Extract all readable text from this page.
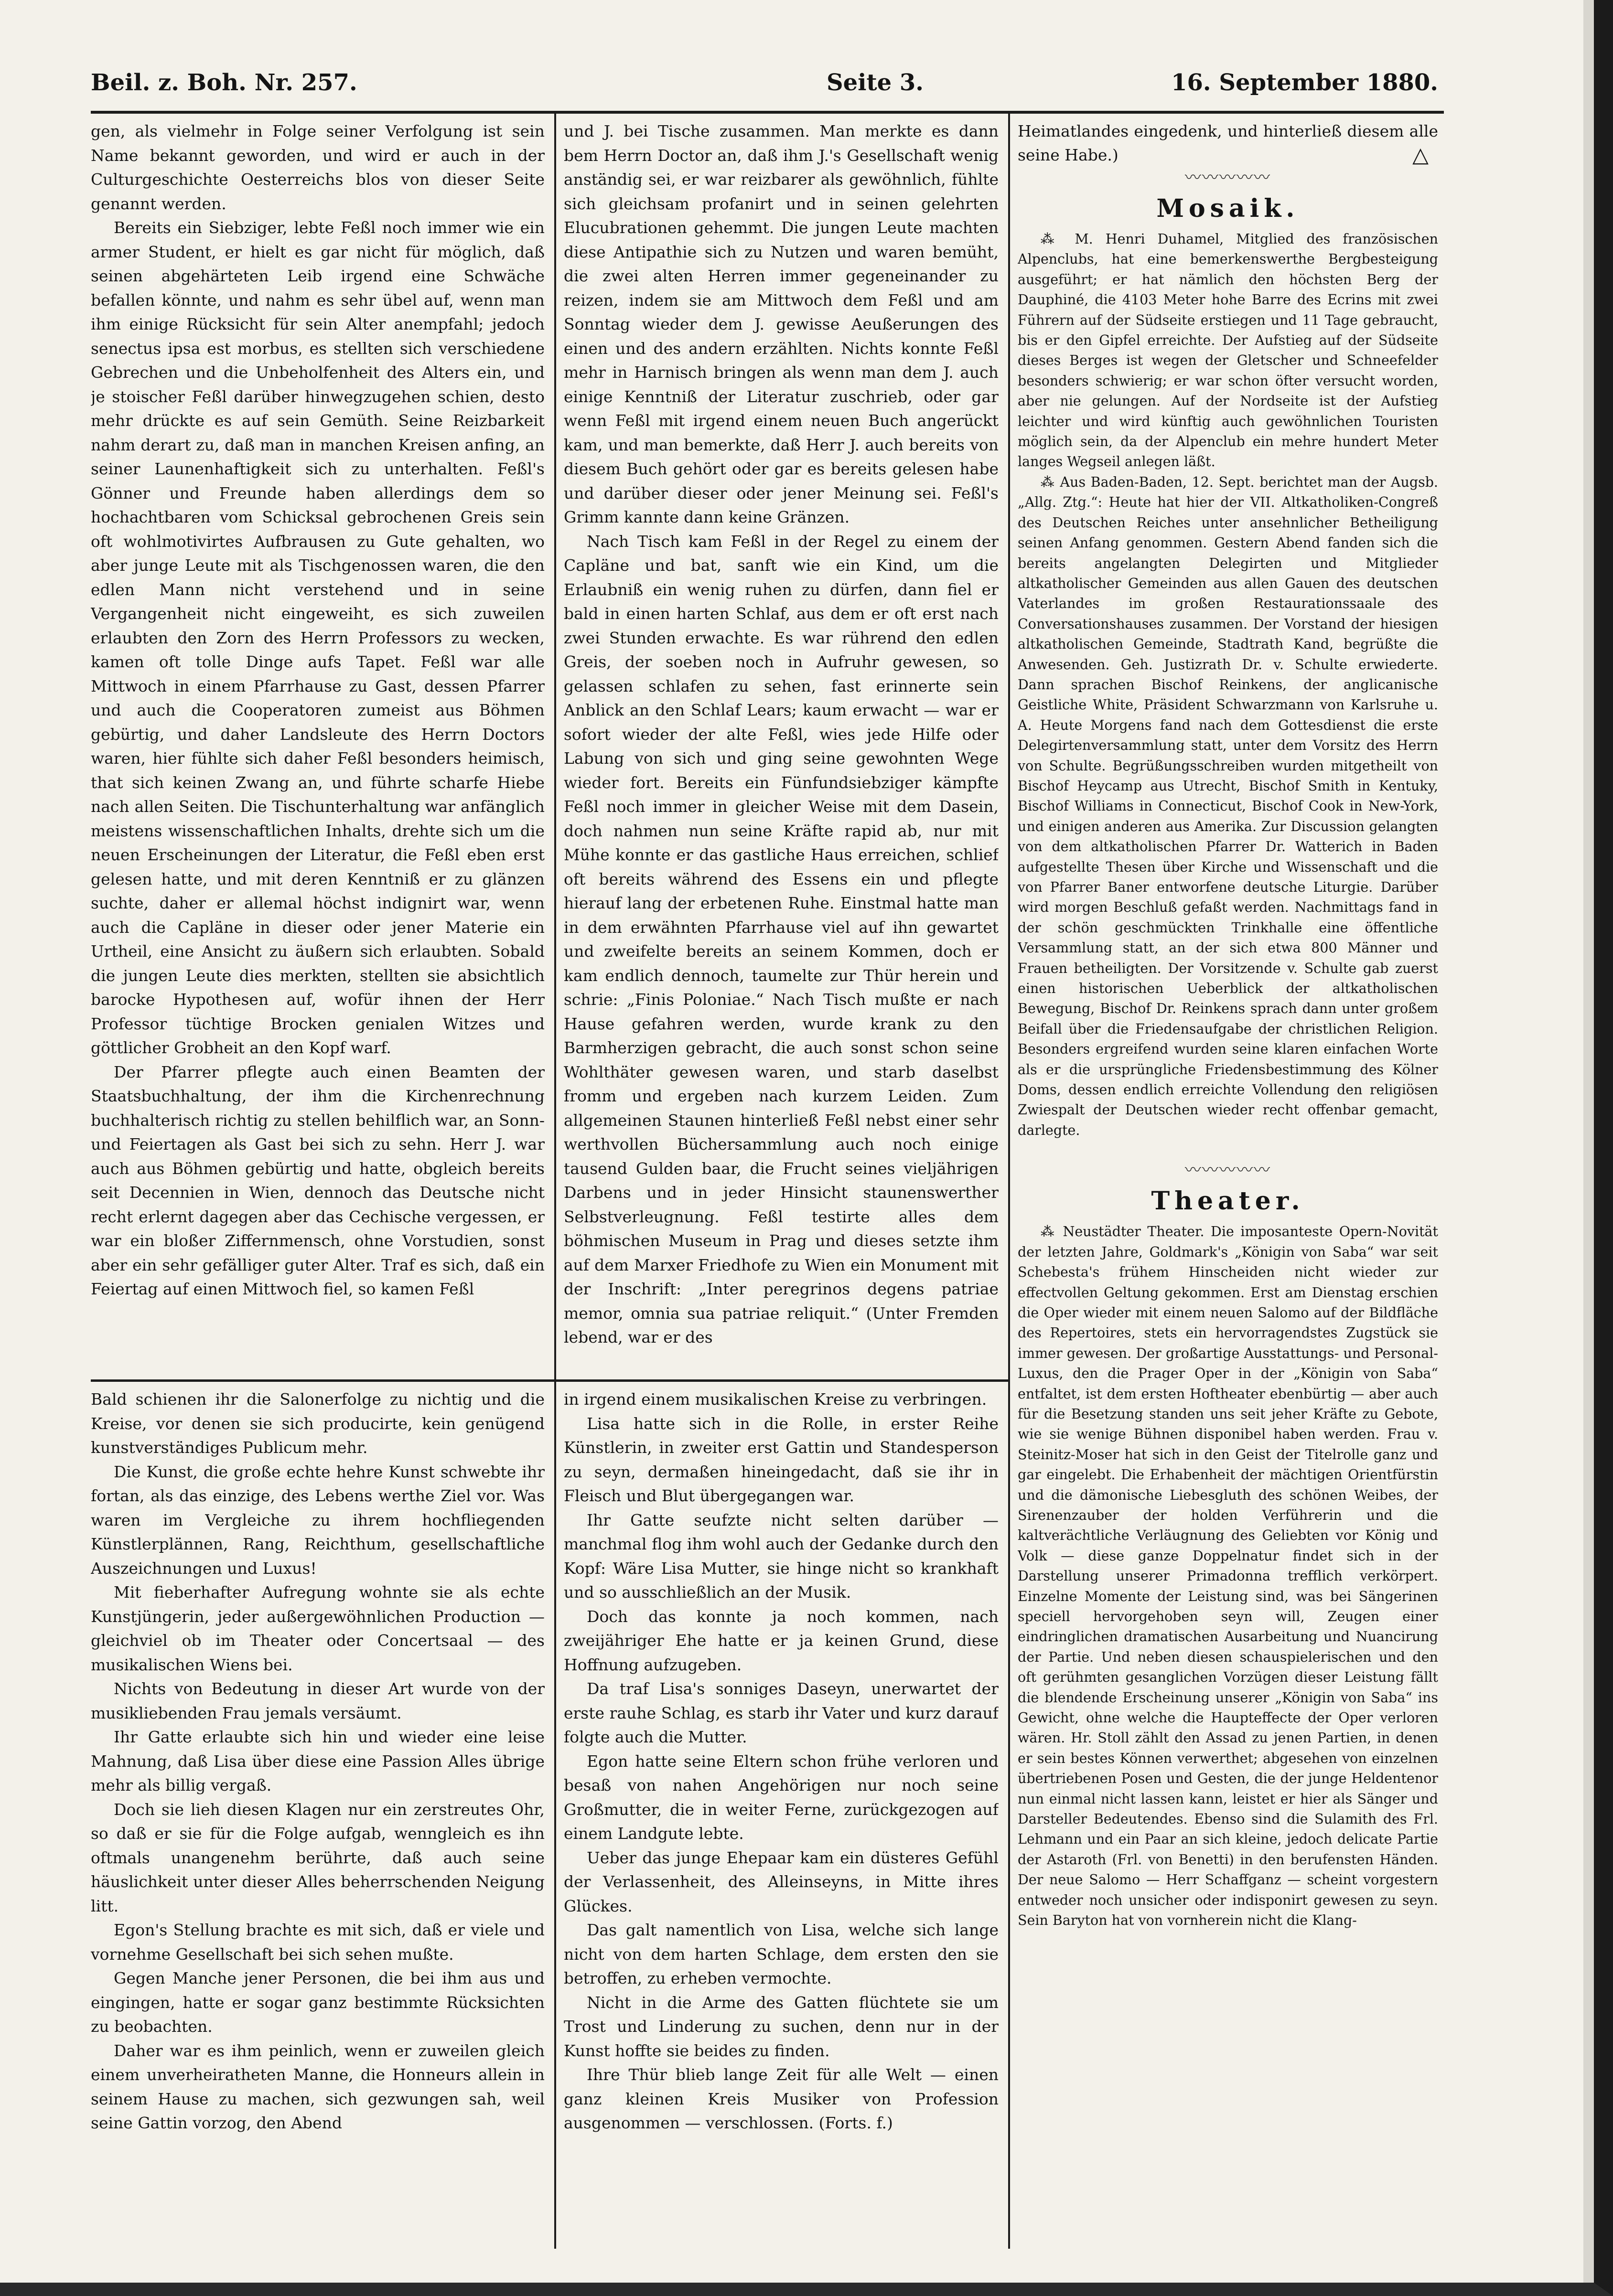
Beil. z. Boh. Nr. 257.	Seite 3.	16. September 1880.

gen, als vielmehr in Folge seiner Verfolgung ist sein Name bekannt geworden, und wird er auch in der Culturgeschichte Oesterreichs blos von dieser Seite genannt werden.

Bereits ein Siebziger, lebte Feßl noch immer wie ein armer Student, er hielt es gar nicht für möglich, daß seinen abgehärteten Leib irgend eine Schwäche befallen könnte, und nahm es sehr übel auf, wenn man ihm einige Rücksicht für sein Alter anempfahl; jedoch senectus ipsa est morbus, es stellten sich verschiedene Gebrechen und die Unbeholfenheit des Alters ein, und je stoischer Feßl darüber hinwegzugehen schien, desto mehr drückte es auf sein Gemüth. Seine Reizbarkeit nahm derart zu, daß man in manchen Kreisen anfing, an seiner Launenhaftigkeit sich zu unterhalten. Feßl's Gönner und Freunde haben allerdings dem so hochachtbaren vom Schicksal gebrochenen Greis sein oft wohlmotivirtes Aufbrausen zu Gute gehalten, wo aber junge Leute mit als Tischgenossen waren, die den edlen Mann nicht verstehend und in seine Vergangenheit nicht eingeweiht, es sich zuweilen erlaubten den Zorn des Herrn Professors zu wecken, kamen oft tolle Dinge aufs Tapet. Feßl war alle Mittwoch in einem Pfarrhause zu Gast, dessen Pfarrer und auch die Cooperatoren zumeist aus Böhmen gebürtig, und daher Landsleute des Herrn Doctors waren, hier fühlte sich daher Feßl besonders heimisch, that sich keinen Zwang an, und führte scharfe Hiebe nach allen Seiten. Die Tischunterhaltung war anfänglich meistens wissenschaftlichen Inhalts, drehte sich um die neuen Erscheinungen der Literatur, die Feßl eben erst gelesen hatte, und mit deren Kenntniß er zu glänzen suchte, daher er allemal höchst indignirt war, wenn auch die Capläne in dieser oder jener Materie ein Urtheil, eine Ansicht zu äußern sich erlaubten. Sobald die jungen Leute dies merkten, stellten sie absichtlich barocke Hypothesen auf, wofür ihnen der Herr Professor tüchtige Brocken genialen Witzes und göttlicher Grobheit an den Kopf warf.

Der Pfarrer pflegte auch einen Beamten der Staatsbuchhaltung, der ihm die Kirchenrechnung buchhalterisch richtig zu stellen behilflich war, an Sonn- und Feiertagen als Gast bei sich zu sehn. Herr J. war auch aus Böhmen gebürtig und hatte, obgleich bereits seit Decennien in Wien, dennoch das Deutsche nicht recht erlernt dagegen aber das Cechische vergessen, er war ein bloßer Ziffernmensch, ohne Vorstudien, sonst aber ein sehr gefälliger guter Alter. Traf es sich, daß ein Feiertag auf einen Mittwoch fiel, so kamen Feßl

und J. bei Tische zusammen. Man merkte es dann bem Herrn Doctor an, daß ihm J.'s Gesellschaft wenig anständig sei, er war reizbarer als gewöhnlich, fühlte sich gleichsam profanirt und in seinen gelehrten Elucubrationen gehemmt. Die jungen Leute machten diese Antipathie sich zu Nutzen und waren bemüht, die zwei alten Herren immer gegeneinander zu reizen, indem sie am Mittwoch dem Feßl und am Sonntag wieder dem J. gewisse Aeußerungen des einen und des andern erzählten. Nichts konnte Feßl mehr in Harnisch bringen als wenn man dem J. auch einige Kenntniß der Literatur zuschrieb, oder gar wenn Feßl mit irgend einem neuen Buch angerückt kam, und man bemerkte, daß Herr J. auch bereits von diesem Buch gehört oder gar es bereits gelesen habe und darüber dieser oder jener Meinung sei. Feßl's Grimm kannte dann keine Gränzen.

Nach Tisch kam Feßl in der Regel zu einem der Capläne und bat, sanft wie ein Kind, um die Erlaubniß ein wenig ruhen zu dürfen, dann fiel er bald in einen harten Schlaf, aus dem er oft erst nach zwei Stunden erwachte. Es war rührend den edlen Greis, der soeben noch in Aufruhr gewesen, so gelassen schlafen zu sehen, fast erinnerte sein Anblick an den Schlaf Lears; kaum erwacht — war er sofort wieder der alte Feßl, wies jede Hilfe oder Labung von sich und ging seine gewohnten Wege wieder fort. Bereits ein Fünfundsiebziger kämpfte Feßl noch immer in gleicher Weise mit dem Dasein, doch nahmen nun seine Kräfte rapid ab, nur mit Mühe konnte er das gastliche Haus erreichen, schlief oft bereits während des Essens ein und pflegte hierauf lang der erbetenen Ruhe. Einstmal hatte man in dem erwähnten Pfarrhause viel auf ihn gewartet und zweifelte bereits an seinem Kommen, doch er kam endlich dennoch, taumelte zur Thür herein und schrie: „Finis Poloniae.“ Nach Tisch mußte er nach Hause gefahren werden, wurde krank zu den Barmherzigen gebracht, die auch sonst schon seine Wohlthäter gewesen waren, und starb daselbst fromm und ergeben nach kurzem Leiden. Zum allgemeinen Staunen hinterließ Feßl nebst einer sehr werthvollen Büchersammlung auch noch einige tausend Gulden baar, die Frucht seines vieljährigen Darbens und in jeder Hinsicht staunenswerther Selbstverleugnung. Feßl testirte alles dem böhmischen Museum in Prag und dieses setzte ihm auf dem Marxer Friedhofe zu Wien ein Monument mit der Inschrift: „Inter peregrinos degens patriae memor, omnia sua patriae reliquit.“ (Unter Fremden lebend, war er des

Bald schienen ihr die Salonerfolge zu nichtig und die Kreise, vor denen sie sich producirte, kein genügend kunstverständiges Publicum mehr.

Die Kunst, die große echte hehre Kunst schwebte ihr fortan, als das einzige, des Lebens werthe Ziel vor. Was waren im Vergleiche zu ihrem hochfliegenden Künstlerplännen, Rang, Reichthum, gesellschaftliche Auszeichnungen und Luxus!

Mit fieberhafter Aufregung wohnte sie als echte Kunstjüngerin, jeder außergewöhnlichen Production — gleichviel ob im Theater oder Concertsaal — des musikalischen Wiens bei.

Nichts von Bedeutung in dieser Art wurde von der musikliebenden Frau jemals versäumt.

Ihr Gatte erlaubte sich hin und wieder eine leise Mahnung, daß Lisa über diese eine Passion Alles übrige mehr als billig vergaß.

Doch sie lieh diesen Klagen nur ein zerstreutes Ohr, so daß er sie für die Folge aufgab, wenngleich es ihn oftmals unangenehm berührte, daß auch seine häuslichkeit unter dieser Alles beherrschenden Neigung litt.

Egon's Stellung brachte es mit sich, daß er viele und vornehme Gesellschaft bei sich sehen mußte.

Gegen Manche jener Personen, die bei ihm aus und eingingen, hatte er sogar ganz bestimmte Rücksichten zu beobachten.

Daher war es ihm peinlich, wenn er zuweilen gleich einem unverheiratheten Manne, die Honneurs allein in seinem Hause zu machen, sich gezwungen sah, weil seine Gattin vorzog, den Abend

in irgend einem musikalischen Kreise zu verbringen.

Lisa hatte sich in die Rolle, in erster Reihe Künstlerin, in zweiter erst Gattin und Standesperson zu seyn, dermaßen hineingedacht, daß sie ihr in Fleisch und Blut übergegangen war.

Ihr Gatte seufzte nicht selten darüber — manchmal flog ihm wohl auch der Gedanke durch den Kopf: Wäre Lisa Mutter, sie hinge nicht so krankhaft und so ausschließlich an der Musik.

Doch das konnte ja noch kommen, nach zweijähriger Ehe hatte er ja keinen Grund, diese Hoffnung aufzugeben.

Da traf Lisa's sonniges Daseyn, unerwartet der erste rauhe Schlag, es starb ihr Vater und kurz darauf folgte auch die Mutter.

Egon hatte seine Eltern schon frühe verloren und besaß von nahen Angehörigen nur noch seine Großmutter, die in weiter Ferne, zurückgezogen auf einem Landgute lebte.

Ueber das junge Ehepaar kam ein düsteres Gefühl der Verlassenheit, des Alleinseyns, in Mitte ihres Glückes.

Das galt namentlich von Lisa, welche sich lange nicht von dem harten Schlage, dem ersten den sie betroffen, zu erheben vermochte.

Nicht in die Arme des Gatten flüchtete sie um Trost und Linderung zu suchen, denn nur in der Kunst hoffte sie beides zu finden.

Ihre Thür blieb lange Zeit für alle Welt — einen ganz kleinen Kreis Musiker von Profession ausgenommen — verschlossen. (Forts. f.)

Heimatlandes eingedenk, und hinterließ diesem alle seine Habe.)	△

〰〰〰〰〰
Mosaik.

⁂ M. Henri Duhamel, Mitglied des französischen Alpenclubs, hat eine bemerkenswerthe Bergbesteigung ausgeführt; er hat nämlich den höchsten Berg der Dauphiné, die 4103 Meter hohe Barre des Ecrins mit zwei Führern auf der Südseite erstiegen und 11 Tage gebraucht, bis er den Gipfel erreichte. Der Aufstieg auf der Südseite dieses Berges ist wegen der Gletscher und Schneefelder besonders schwierig; er war schon öfter versucht worden, aber nie gelungen. Auf der Nordseite ist der Aufstieg leichter und wird künftig auch gewöhnlichen Touristen möglich sein, da der Alpenclub ein mehre hundert Meter langes Wegseil anlegen läßt.

⁂ Aus Baden-Baden, 12. Sept. berichtet man der Augsb. „Allg. Ztg.“: Heute hat hier der VII. Altkatholiken-Congreß des Deutschen Reiches unter ansehnlicher Betheiligung seinen Anfang genommen. Gestern Abend fanden sich die bereits angelangten Delegirten und Mitglieder altkatholischer Gemeinden aus allen Gauen des deutschen Vaterlandes im großen Restaurationssaale des Conversationshauses zusammen. Der Vorstand der hiesigen altkatholischen Gemeinde, Stadtrath Kand, begrüßte die Anwesenden. Geh. Justizrath Dr. v. Schulte erwiederte. Dann sprachen Bischof Reinkens, der anglicanische Geistliche White, Präsident Schwarzmann von Karlsruhe u. A. Heute Morgens fand nach dem Gottesdienst die erste Delegirtenversammlung statt, unter dem Vorsitz des Herrn von Schulte. Begrüßungsschreiben wurden mitgetheilt von Bischof Heycamp aus Utrecht, Bischof Smith in Kentuky, Bischof Williams in Connecticut, Bischof Cook in New-York, und einigen anderen aus Amerika. Zur Discussion gelangten von dem altkatholischen Pfarrer Dr. Watterich in Baden aufgestellte Thesen über Kirche und Wissenschaft und die von Pfarrer Baner entworfene deutsche Liturgie. Darüber wird morgen Beschluß gefaßt werden. Nachmittags fand in der schön geschmückten Trinkhalle eine öffentliche Versammlung statt, an der sich etwa 800 Männer und Frauen betheiligten. Der Vorsitzende v. Schulte gab zuerst einen historischen Ueberblick der altkatholischen Bewegung, Bischof Dr. Reinkens sprach dann unter großem Beifall über die Friedensaufgabe der christlichen Religion. Besonders ergreifend wurden seine klaren einfachen Worte als er die ursprüngliche Friedensbestimmung des Kölner Doms, dessen endlich erreichte Vollendung den religiösen Zwiespalt der Deutschen wieder recht offenbar gemacht, darlegte.

〰〰〰〰〰
Theater.

⁂ Neustädter Theater. Die imposanteste Opern-Novität der letzten Jahre, Goldmark's „Königin von Saba“ war seit Schebesta's frühem Hinscheiden nicht wieder zur effectvollen Geltung gekommen. Erst am Dienstag erschien die Oper wieder mit einem neuen Salomo auf der Bildfläche des Repertoires, stets ein hervorragendstes Zugstück sie immer gewesen. Der großartige Ausstattungs- und Personal-Luxus, den die Prager Oper in der „Königin von Saba“ entfaltet, ist dem ersten Hoftheater ebenbürtig — aber auch für die Besetzung standen uns seit jeher Kräfte zu Gebote, wie sie wenige Bühnen disponibel haben werden. Frau v. Steinitz-Moser hat sich in den Geist der Titelrolle ganz und gar eingelebt. Die Erhabenheit der mächtigen Orientfürstin und die dämonische Liebesgluth des schönen Weibes, der Sirenenzauber der holden Verführerin und die kaltverächtliche Verläugnung des Geliebten vor König und Volk — diese ganze Doppelnatur findet sich in der Darstellung unserer Primadonna trefflich verkörpert. Einzelne Momente der Leistung sind, was bei Sängerinen speciell hervorgehoben seyn will, Zeugen einer eindringlichen dramatischen Ausarbeitung und Nuancirung der Partie. Und neben diesen schauspielerischen und den oft gerühmten gesanglichen Vorzügen dieser Leistung fällt die blendende Erscheinung unserer „Königin von Saba“ ins Gewicht, ohne welche die Haupteffecte der Oper verloren wären. Hr. Stoll zählt den Assad zu jenen Partien, in denen er sein bestes Können verwerthet; abgesehen von einzelnen übertriebenen Posen und Gesten, die der junge Heldentenor nun einmal nicht lassen kann, leistet er hier als Sänger und Darsteller Bedeutendes. Ebenso sind die Sulamith des Frl. Lehmann und ein Paar an sich kleine, jedoch delicate Partie der Astaroth (Frl. von Benetti) in den berufensten Händen. Der neue Salomo — Herr Schaffganz — scheint vorgestern entweder noch unsicher oder indisponirt gewesen zu seyn. Sein Baryton hat von vornherein nicht die Klang-
